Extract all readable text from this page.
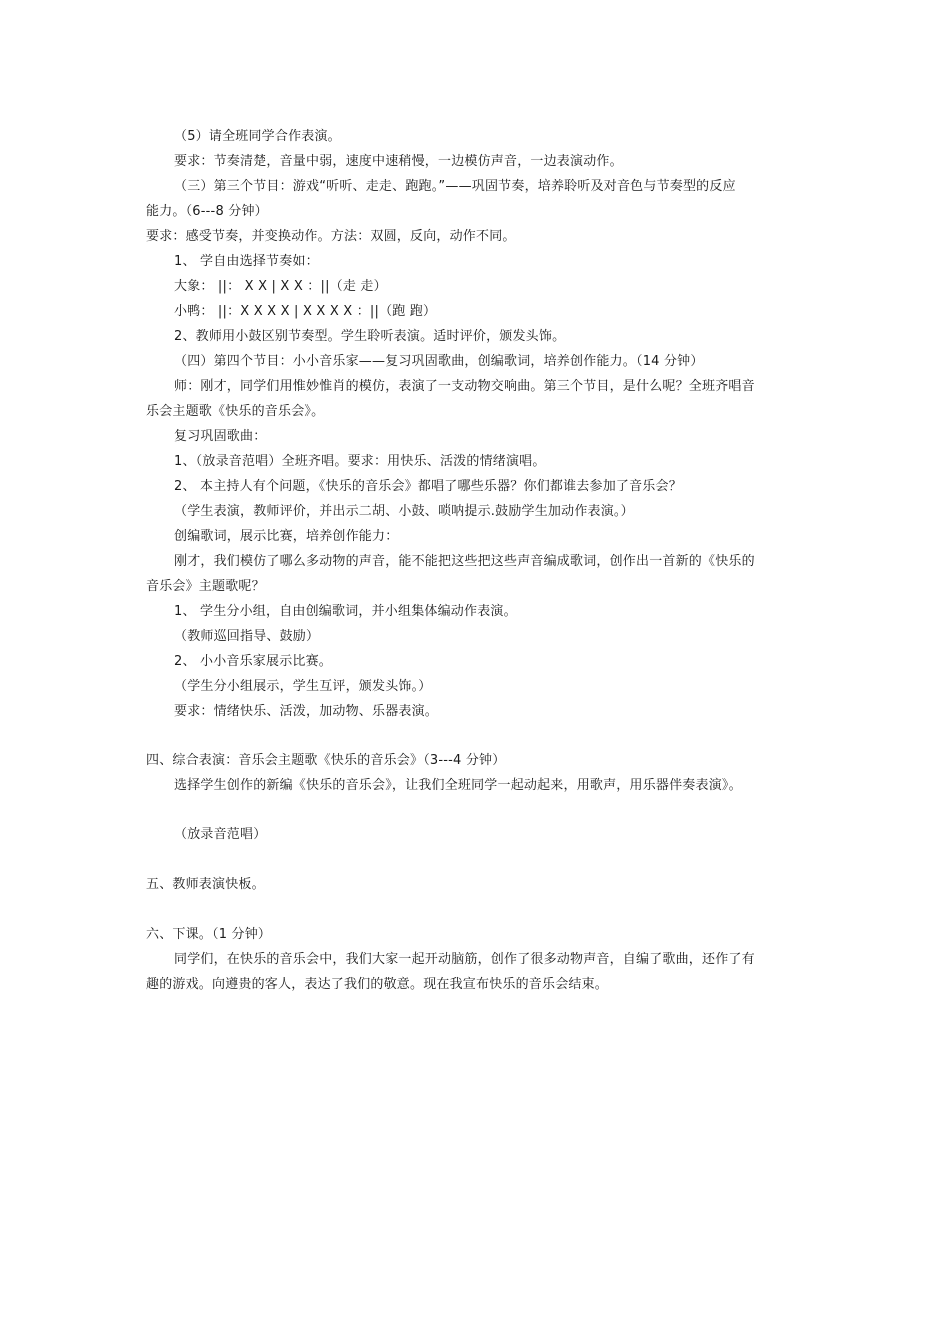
（5）请全班同学合作表演。
要求：节奏清楚，音量中弱，速度中速稍慢，一边模仿声音，一边表演动作。
（三）第三个节目：游戏“听听、走走、跑跑。”——巩固节奏，培养聆听及对音色与节奏型的反应
能力。（6---8 分钟）
要求：感受节奏，并变换动作。方法：双圆，反向，动作不同。
1、 学自由选择节奏如：
大象： ||： X X | X X ：||（走 走）
小鸭： ||：X X X X | X X X X ：||（跑 跑）
2、教师用小鼓区别节奏型。学生聆听表演。适时评价，颁发头饰。
（四）第四个节目：小小音乐家——复习巩固歌曲，创编歌词，培养创作能力。（14 分钟）
师：刚才，同学们用惟妙惟肖的模仿，表演了一支动物交响曲。第三个节目，是什么呢？全班齐唱音
乐会主题歌《快乐的音乐会》。
复习巩固歌曲：
1、（放录音范唱）全班齐唱。要求：用快乐、活泼的情绪演唱。
2、 本主持人有个问题，《快乐的音乐会》都唱了哪些乐器？你们都谁去参加了音乐会？
（学生表演，教师评价，并出示二胡、小鼓、唢呐提示.鼓励学生加动作表演。）
创编歌词，展示比赛，培养创作能力：
刚才，我们模仿了哪么多动物的声音，能不能把这些把这些声音编成歌词，创作出一首新的《快乐的
音乐会》主题歌呢？
1、 学生分小组，自由创编歌词，并小组集体编动作表演。
（教师巡回指导、鼓励）
2、 小小音乐家展示比赛。
（学生分小组展示，学生互评，颁发头饰。）
要求：情绪快乐、活泼，加动物、乐器表演。
四、综合表演：音乐会主题歌《快乐的音乐会》（3---4 分钟）
选择学生创作的新编《快乐的音乐会》，让我们全班同学一起动起来，用歌声，用乐器伴奏表演》。
（放录音范唱）
五、教师表演快板。
六、下课。（1 分钟）
同学们，在快乐的音乐会中，我们大家一起开动脑筋，创作了很多动物声音，自编了歌曲，还作了有
趣的游戏。向遵贵的客人，表达了我们的敬意。现在我宣布快乐的音乐会结束。
